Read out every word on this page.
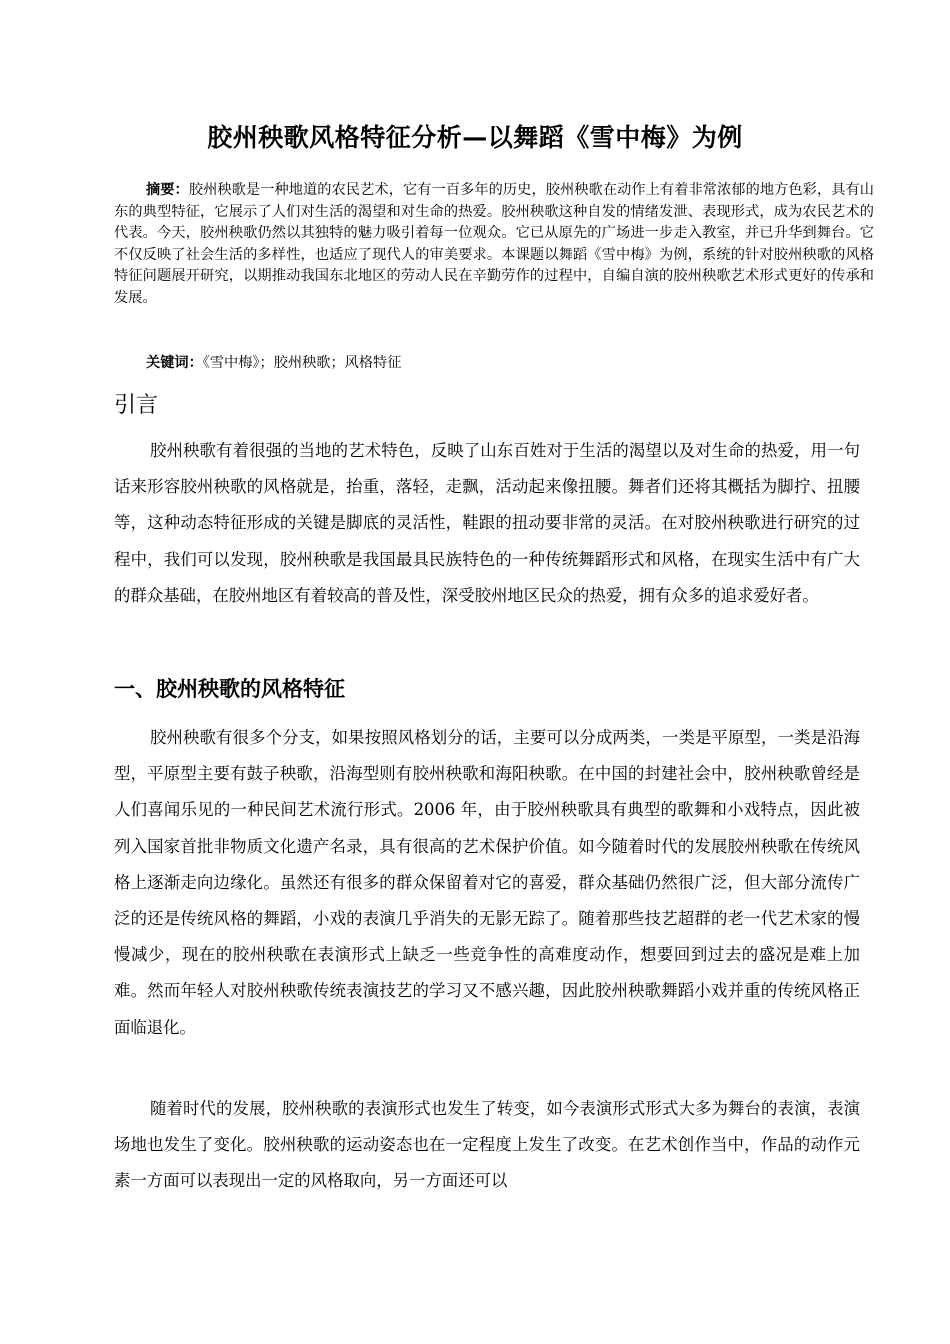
胶州秧歌风格特征分析—以舞蹈《雪中梅》为例

摘要：胶州秧歌是一种地道的农民艺术，它有一百多年的历史，胶州秧歌在动作上有着非常浓郁的地方色彩，具有山东的典型特征，它展示了人们对生活的渴望和对生命的热爱。胶州秧歌这种自发的情绪发泄、表现形式，成为农民艺术的代表。今天，胶州秧歌仍然以其独特的魅力吸引着每一位观众。它已从原先的广场进一步走入教室，并已升华到舞台。它不仅反映了社会生活的多样性，也适应了现代人的审美要求。本课题以舞蹈《雪中梅》为例，系统的针对胶州秧歌的风格特征问题展开研究，以期推动我国东北地区的劳动人民在辛勤劳作的过程中，自编自演的胶州秧歌艺术形式更好的传承和发展。

关键词：《雪中梅》；胶州秧歌；风格特征

引言

胶州秧歌有着很强的当地的艺术特色，反映了山东百姓对于生活的渴望以及对生命的热爱，用一句话来形容胶州秧歌的风格就是，抬重，落轻，走飘，活动起来像扭腰。舞者们还将其概括为脚拧、扭腰等，这种动态特征形成的关键是脚底的灵活性，鞋跟的扭动要非常的灵活。在对胶州秧歌进行研究的过程中，我们可以发现，胶州秧歌是我国最具民族特色的一种传统舞蹈形式和风格，在现实生活中有广大的群众基础，在胶州地区有着较高的普及性，深受胶州地区民众的热爱，拥有众多的追求爱好者。

一、胶州秧歌的风格特征

胶州秧歌有很多个分支，如果按照风格划分的话，主要可以分成两类，一类是平原型，一类是沿海型，平原型主要有鼓子秧歌，沿海型则有胶州秧歌和海阳秧歌。在中国的封建社会中，胶州秧歌曾经是人们喜闻乐见的一种民间艺术流行形式。2006 年，由于胶州秧歌具有典型的歌舞和小戏特点，因此被列入国家首批非物质文化遗产名录，具有很高的艺术保护价值。如今随着时代的发展胶州秧歌在传统风格上逐渐走向边缘化。虽然还有很多的群众保留着对它的喜爱，群众基础仍然很广泛，但大部分流传广泛的还是传统风格的舞蹈，小戏的表演几乎消失的无影无踪了。随着那些技艺超群的老一代艺术家的慢慢减少，现在的胶州秧歌在表演形式上缺乏一些竞争性的高难度动作，想要回到过去的盛况是难上加难。然而年轻人对胶州秧歌传统表演技艺的学习又不感兴趣，因此胶州秧歌舞蹈小戏并重的传统风格正面临退化。

随着时代的发展，胶州秧歌的表演形式也发生了转变，如今表演形式形式大多为舞台的表演，表演场地也发生了变化。胶州秧歌的运动姿态也在一定程度上发生了改变。在艺术创作当中，作品的动作元素一方面可以表现出一定的风格取向，另一方面还可以
